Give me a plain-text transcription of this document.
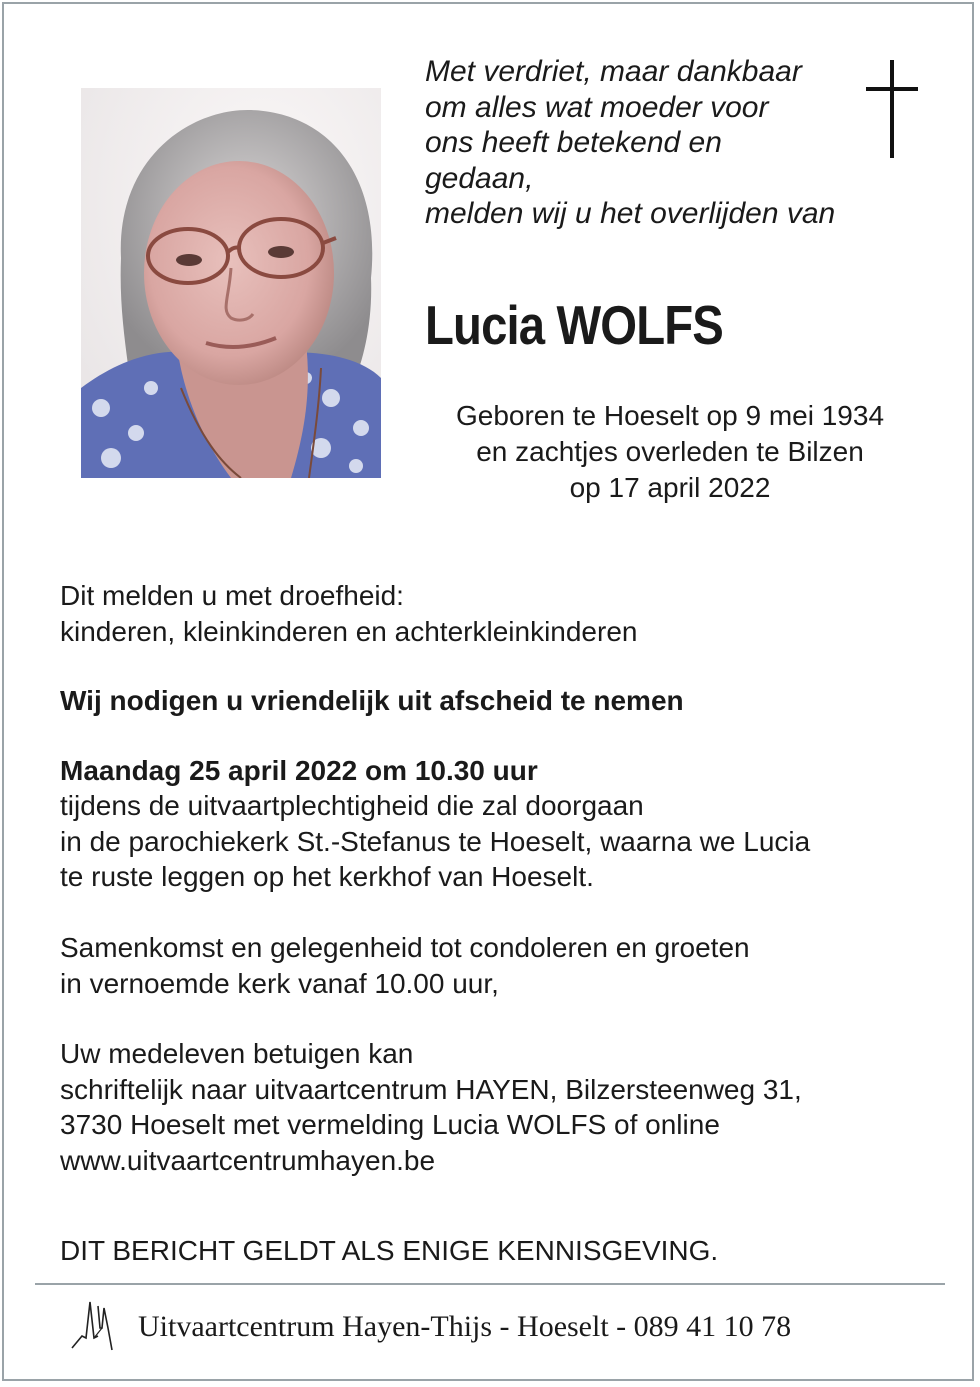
Met verdriet, maar dankbaar
om alles wat moeder voor
ons heeft betekend en
gedaan,
melden wij u het overlijden van
Lucia WOLFS
Geboren te Hoeselt op 9 mei 1934
en zachtjes overleden te Bilzen
op 17 april 2022
Dit melden u met droefheid:
kinderen, kleinkinderen en achterkleinkinderen
Wij nodigen u vriendelijk uit afscheid te nemen
Maandag 25 april 2022 om 10.30 uur
tijdens de uitvaartplechtigheid die zal doorgaan
in de parochiekerk St.-Stefanus te Hoeselt, waarna we Lucia
te ruste leggen op het kerkhof van Hoeselt.
Samenkomst en gelegenheid tot condoleren en groeten
in vernoemde kerk vanaf 10.00 uur,
Uw medeleven betuigen kan
schriftelijk naar uitvaartcentrum HAYEN, Bilzersteenweg 31,
3730 Hoeselt met vermelding Lucia WOLFS of online
www.uitvaartcentrumhayen.be
DIT BERICHT GELDT ALS ENIGE KENNISGEVING.
Uitvaartcentrum Hayen-Thijs - Hoeselt - 089 41 10 78
